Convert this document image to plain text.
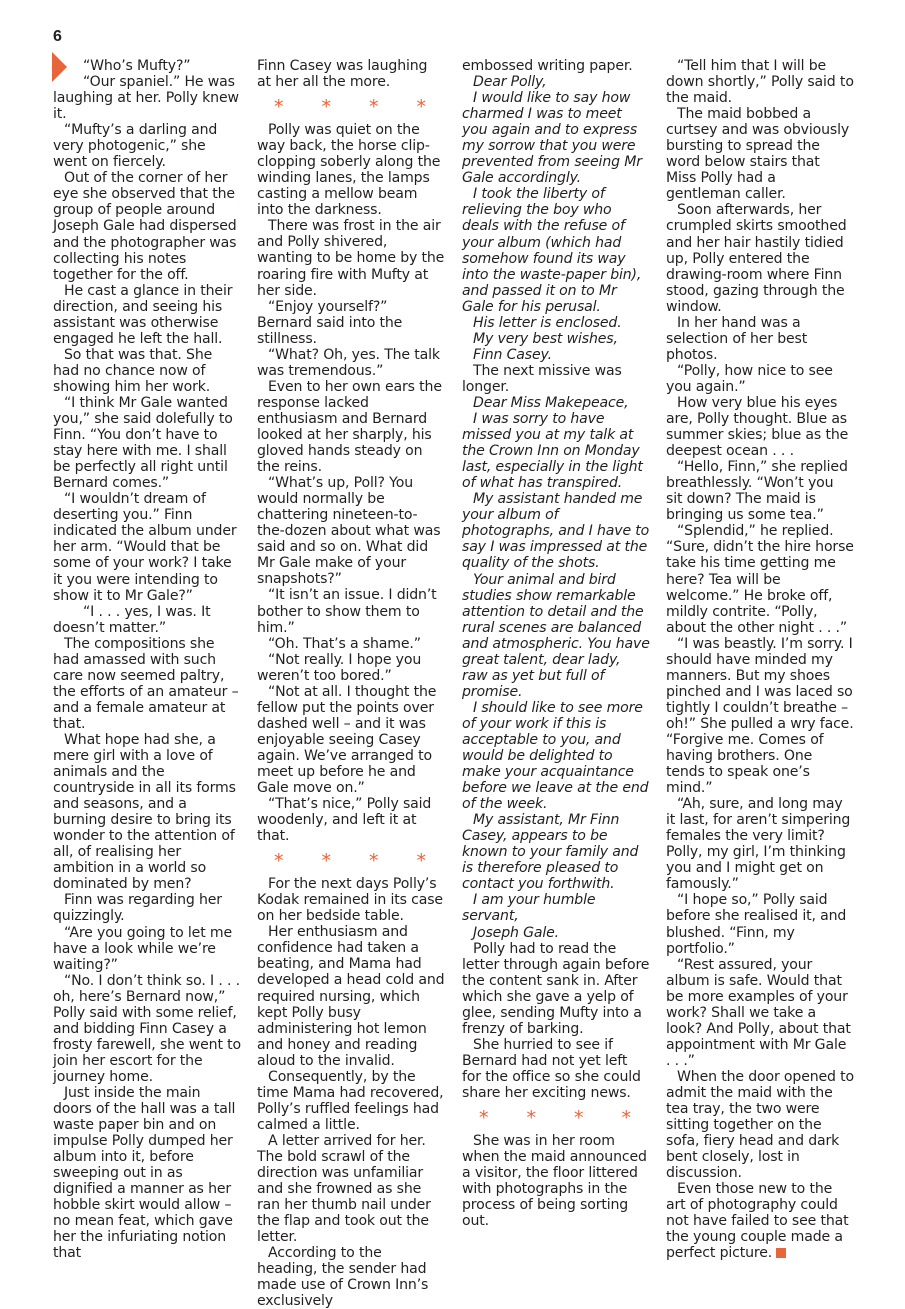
6

“Who’s Mufty?”

“Our spaniel.” He was laughing at her. Polly knew it.

“Mufty’s a darling and very photogenic,” she went on fiercely.

Out of the corner of her eye she observed that the group of people around Joseph Gale had dispersed and the photographer was collecting his notes together for the off.

He cast a glance in their direction, and seeing his assistant was otherwise engaged he left the hall.

So that was that. She had no chance now of showing him her work.

“I think Mr Gale wanted you,” she said dolefully to Finn. “You don’t have to stay here with me. I shall be perfectly all right until Bernard comes.”

“I wouldn’t dream of deserting you.” Finn indicated the album under her arm. “Would that be some of your work? I take it you were intending to show it to Mr Gale?”

“I . . . yes, I was. It doesn’t matter.”

The compositions she had amassed with such care now seemed paltry, the efforts of an amateur – and a female amateur at that.

What hope had she, a mere girl with a love of animals and the countryside in all its forms and seasons, and a burning desire to bring its wonder to the attention of all, of realising her ambition in a world so dominated by men?

Finn was regarding her quizzingly.

“Are you going to let me have a look while we’re waiting?”

“No. I don’t think so. I . . . oh, here’s Bernard now,” Polly said with some relief, and bidding Finn Casey a frosty farewell, she went to join her escort for the journey home.

Just inside the main doors of the hall was a tall waste paper bin and on impulse Polly dumped her album into it, before sweeping out in as dignified a manner as her hobble skirt would allow – no mean feat, which gave her the infuriating notion that

Finn Casey was laughing at her all the more.

* * * *

Polly was quiet on the way back, the horse clip-clopping soberly along the winding lanes, the lamps casting a mellow beam into the darkness.

There was frost in the air and Polly shivered, wanting to be home by the roaring fire with Mufty at her side.

“Enjoy yourself?” Bernard said into the stillness.

“What? Oh, yes. The talk was tremendous.”

Even to her own ears the response lacked enthusiasm and Bernard looked at her sharply, his gloved hands steady on the reins.

“What’s up, Poll? You would normally be chattering nineteen-to-the-dozen about what was said and so on. What did Mr Gale make of your snapshots?”

“It isn’t an issue. I didn’t bother to show them to him.”

“Oh. That’s a shame.”

“Not really. I hope you weren’t too bored.”

“Not at all. I thought the fellow put the points over dashed well – and it was enjoyable seeing Casey again. We’ve arranged to meet up before he and Gale move on.”

“That’s nice,” Polly said woodenly, and left it at that.

* * * *

For the next days Polly’s Kodak remained in its case on her bedside table.

Her enthusiasm and confidence had taken a beating, and Mama had developed a head cold and required nursing, which kept Polly busy administering hot lemon and honey and reading aloud to the invalid.

Consequently, by the time Mama had recovered, Polly’s ruffled feelings had calmed a little.

A letter arrived for her. The bold scrawl of the direction was unfamiliar and she frowned as she ran her thumb nail under the flap and took out the letter.

According to the heading, the sender had made use of Crown Inn’s exclusively

embossed writing paper.

Dear Polly,

I would like to say how charmed I was to meet you again and to express my sorrow that you were prevented from seeing Mr Gale accordingly.

I took the liberty of relieving the boy who deals with the refuse of your album (which had somehow found its way into the waste-paper bin), and passed it on to Mr Gale for his perusal.

His letter is enclosed.

My very best wishes,

Finn Casey.

The next missive was longer.

Dear Miss Makepeace,

I was sorry to have missed you at my talk at the Crown Inn on Monday last, especially in the light of what has transpired.

My assistant handed me your album of photographs, and I have to say I was impressed at the quality of the shots.

Your animal and bird studies show remarkable attention to detail and the rural scenes are balanced and atmospheric. You have great talent, dear lady, raw as yet but full of promise.

I should like to see more of your work if this is acceptable to you, and would be delighted to make your acquaintance before we leave at the end of the week.

My assistant, Mr Finn Casey, appears to be known to your family and is therefore pleased to contact you forthwith.

I am your humble servant,

Joseph Gale.

Polly had to read the letter through again before the content sank in. After which she gave a yelp of glee, sending Mufty into a frenzy of barking.

She hurried to see if Bernard had not yet left for the office so she could share her exciting news.

* * * *

She was in her room when the maid announced a visitor, the floor littered with photographs in the process of being sorting out.

“Tell him that I will be down shortly,” Polly said to the maid.

The maid bobbed a curtsey and was obviously bursting to spread the word below stairs that Miss Polly had a gentleman caller.

Soon afterwards, her crumpled skirts smoothed and her hair hastily tidied up, Polly entered the drawing-room where Finn stood, gazing through the window.

In her hand was a selection of her best photos.

“Polly, how nice to see you again.”

How very blue his eyes are, Polly thought. Blue as summer skies; blue as the deepest ocean . . .

“Hello, Finn,” she replied breathlessly. “Won’t you sit down? The maid is bringing us some tea.”

“Splendid,” he replied. “Sure, didn’t the hire horse take his time getting me here? Tea will be welcome.” He broke off, mildly contrite. “Polly, about the other night . . .”

“I was beastly. I’m sorry. I should have minded my manners. But my shoes pinched and I was laced so tightly I couldn’t breathe – oh!” She pulled a wry face. “Forgive me. Comes of having brothers. One tends to speak one’s mind.”

“Ah, sure, and long may it last, for aren’t simpering females the very limit? Polly, my girl, I’m thinking you and I might get on famously.”

“I hope so,” Polly said before she realised it, and blushed. “Finn, my portfolio.”

“Rest assured, your album is safe. Would that be more examples of your work? Shall we take a look? And Polly, about that appointment with Mr Gale . . .”

When the door opened to admit the maid with the tea tray, the two were sitting together on the sofa, fiery head and dark bent closely, lost in discussion.

Even those new to the art of photography could not have failed to see that the young couple made a perfect picture.
